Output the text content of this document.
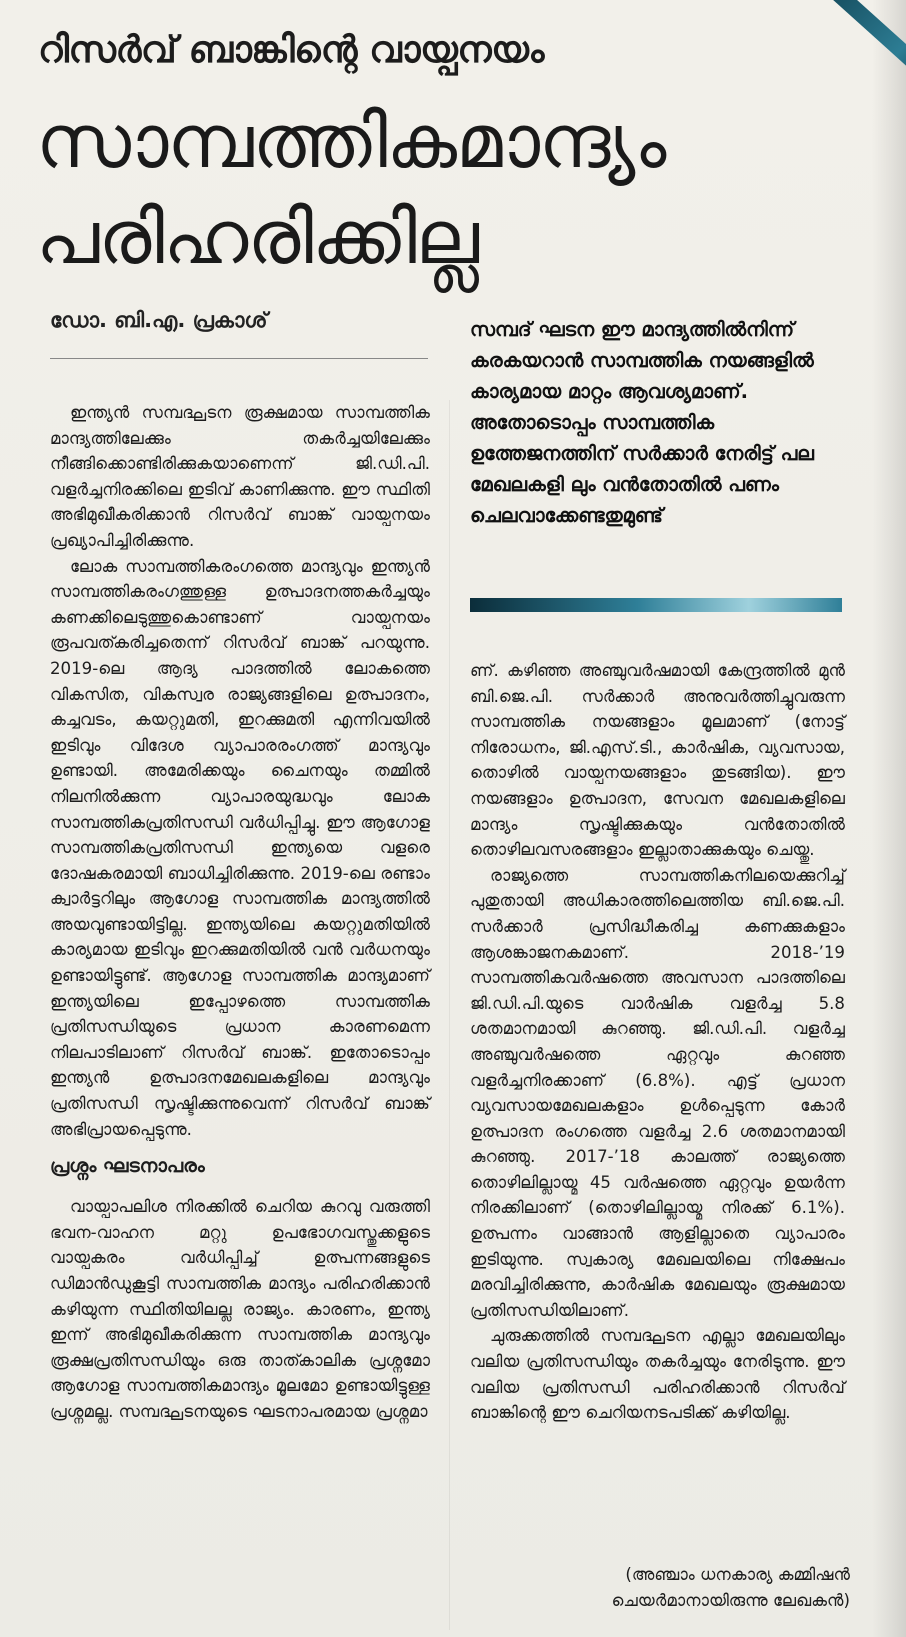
റിസർവ് ബാങ്കിന്റെ വായ്പനയം
സാമ്പത്തികമാന്ദ്യം
പരിഹരിക്കില്ല
ഡോ. ബി.എ. പ്രകാശ്	സമ്പദ് ഘടന ഈ മാന്ദ്യത്തിൽനിന്ന് കരകയറാൻ സാമ്പത്തിക നയങ്ങളിൽ കാര്യമായ മാറ്റം ആവശ്യമാണ്. അതോടൊപ്പം സാമ്പത്തിക ഉത്തേജനത്തിന് സർക്കാർ നേരിട്ട് പല മേഖലകളി ലും വൻതോതിൽ പണം ചെലവാക്കേണ്ടതുമുണ്ട്

ഇന്ത്യൻ സമ്പദ്ഘടന രൂക്ഷമായ സാമ്പത്തിക മാന്ദ്യത്തിലേക്കും തകർച്ചയിലേക്കും നീങ്ങിക്കൊണ്ടിരിക്കുകയാണെന്ന് ജി.ഡി.പി. വളർച്ചനിരക്കിലെ ഇടിവ് കാണിക്കുന്നു. ഈ സ്ഥിതി അഭിമുഖീകരിക്കാൻ റിസർവ് ബാങ്ക് വായ്പനയം പ്രഖ്യാപിച്ചിരിക്കുന്നു.

ലോക സാമ്പത്തികരംഗത്തെ മാന്ദ്യവും ഇന്ത്യൻ സാമ്പത്തികരംഗത്തുള്ള ഉത്പാദനത്തകർച്ചയും കണക്കിലെടുത്തുകൊണ്ടാണ് വായ്പനയം രൂപവത്കരിച്ചതെന്ന് റിസർവ് ബാങ്ക് പറയുന്നു. 2019-ലെ ആദ്യ പാദത്തിൽ ലോകത്തെ വികസിത, വികസ്വര രാജ്യങ്ങളിലെ ഉത്പാദനം, കച്ചവടം, കയറ്റുമതി, ഇറക്കുമതി എന്നിവയിൽ ഇടിവും വിദേശ വ്യാപാരരംഗത്ത് മാന്ദ്യവും ഉണ്ടായി. അമേരിക്കയും ചൈനയും തമ്മിൽ നിലനിൽക്കുന്ന വ്യാപാരയുദ്ധവും ലോക സാമ്പത്തികപ്രതിസന്ധി വർധിപ്പിച്ചു. ഈ ആഗോള സാമ്പത്തികപ്രതിസന്ധി ഇന്ത്യയെ വളരെ ദോഷകരമായി ബാധിച്ചിരിക്കുന്നു. 2019-ലെ രണ്ടാം ക്വാർട്ടറിലും ആഗോള സാമ്പത്തിക മാന്ദ്യത്തിൽ അയവുണ്ടായിട്ടില്ല. ഇന്ത്യയിലെ കയറ്റുമതിയിൽ കാര്യമായ ഇടിവും ഇറക്കുമതിയിൽ വൻ വർധനയും ഉണ്ടായിട്ടുണ്ട്. ആഗോള സാമ്പത്തിക മാന്ദ്യമാണ് ഇന്ത്യയിലെ ഇപ്പോഴത്തെ സാമ്പത്തിക പ്രതിസന്ധിയുടെ പ്രധാന കാരണമെന്ന നിലപാടിലാണ് റിസർവ് ബാങ്ക്. ഇതോടൊപ്പം ഇന്ത്യൻ ഉത്പാദനമേഖലകളിലെ മാന്ദ്യവും പ്രതിസന്ധി സൃഷ്ടിക്കുന്നുവെന്ന് റിസർവ് ബാങ്ക് അഭിപ്രായപ്പെടുന്നു.

പ്രശ്നം ഘടനാപരം

വായ്പാപലിശ നിരക്കിൽ ചെറിയ കുറവു വരുത്തി ഭവന-വാഹന മറ്റു ഉപഭോഗവസ്തുക്കളുടെ വായ്പകരം വർധിപ്പിച്ച് ഉത്പന്നങ്ങളുടെ ഡിമാൻഡുകൂട്ടി സാമ്പത്തിക മാന്ദ്യം പരിഹരിക്കാൻ കഴിയുന്ന സ്ഥിതിയിലല്ല രാജ്യം. കാരണം, ഇന്ത്യ ഇന്ന് അഭിമുഖീകരിക്കുന്ന സാമ്പത്തിക മാന്ദ്യവും രൂക്ഷപ്രതിസന്ധിയും ഒരു താത്കാലിക പ്രശ്നമോ ആഗോള സാമ്പത്തികമാന്ദ്യം മൂലമോ ഉണ്ടായിട്ടുള്ള പ്രശ്നമല്ല. സമ്പദ്ഘടനയുടെ ഘടനാപരമായ പ്രശ്നമാ

ണ്. കഴിഞ്ഞ അഞ്ചുവർഷമായി കേന്ദ്രത്തിൽ മുൻ ബി.ജെ.പി. സർക്കാർ അനുവർത്തിച്ചുവരുന്ന സാമ്പത്തിക നയങ്ങളാം മൂലമാണ് (നോട്ട് നിരോധനം, ജി.എസ്.ടി., കാർഷിക, വ്യവസായ, തൊഴിൽ വായ്പനയങ്ങളാം തുടങ്ങിയ). ഈ നയങ്ങളാം ഉത്പാദന, സേവന മേഖലകളിലെ മാന്ദ്യം സൃഷ്ടിക്കുകയും വൻതോതിൽ തൊഴിലവസരങ്ങളാം ഇല്ലാതാക്കുകയും ചെയ്തു.

രാജ്യത്തെ സാമ്പത്തികനിലയെക്കുറിച്ച് പുതുതായി അധികാരത്തിലെത്തിയ ബി.ജെ.പി. സർക്കാർ പ്രസിദ്ധീകരിച്ച കണക്കുകളാം ആശങ്കാജനകമാണ്. 2018-’19 സാമ്പത്തികവർഷത്തെ അവസാന പാദത്തിലെ ജി.ഡി.പി.യുടെ വാർഷിക വളർച്ച 5.8 ശതമാനമായി കുറഞ്ഞു. ജി.ഡി.പി. വളർച്ച അഞ്ചുവർഷത്തെ ഏറ്റവും കുറഞ്ഞ വളർച്ചനിരക്കാണ് (6.8%). എട്ട് പ്രധാന വ്യവസായമേഖലകളാം ഉൾപ്പെടുന്ന കോർ ഉത്പാദന രംഗത്തെ വളർച്ച 2.6 ശതമാനമായി കുറഞ്ഞു. 2017-’18 കാലത്ത് രാജ്യത്തെ തൊഴിലില്ലായ്മ 45 വർഷത്തെ ഏറ്റവും ഉയർന്ന നിരക്കിലാണ് (തൊഴിലില്ലായ്മ നിരക്ക് 6.1%). ഉത്പന്നം വാങ്ങാൻ ആളില്ലാതെ വ്യാപാരം ഇടിയുന്നു. സ്വകാര്യ മേഖലയിലെ നിക്ഷേപം മരവിച്ചിരിക്കുന്നു, കാർഷിക മേഖലയും രൂക്ഷമായ പ്രതിസന്ധിയിലാണ്.

ചുരുക്കത്തിൽ സമ്പദ്ഘടന എല്ലാ മേഖലയിലും വലിയ പ്രതിസന്ധിയും തകർച്ചയും നേരിടുന്നു. ഈ വലിയ പ്രതിസന്ധി പരിഹരിക്കാൻ റിസർവ് ബാങ്കിന്റെ ഈ ചെറിയനടപടിക്ക് കഴിയില്ല.

(അഞ്ചാം ധനകാര്യ കമ്മിഷൻ
ചെയർമാനായിരുന്നു ലേഖകൻ)
